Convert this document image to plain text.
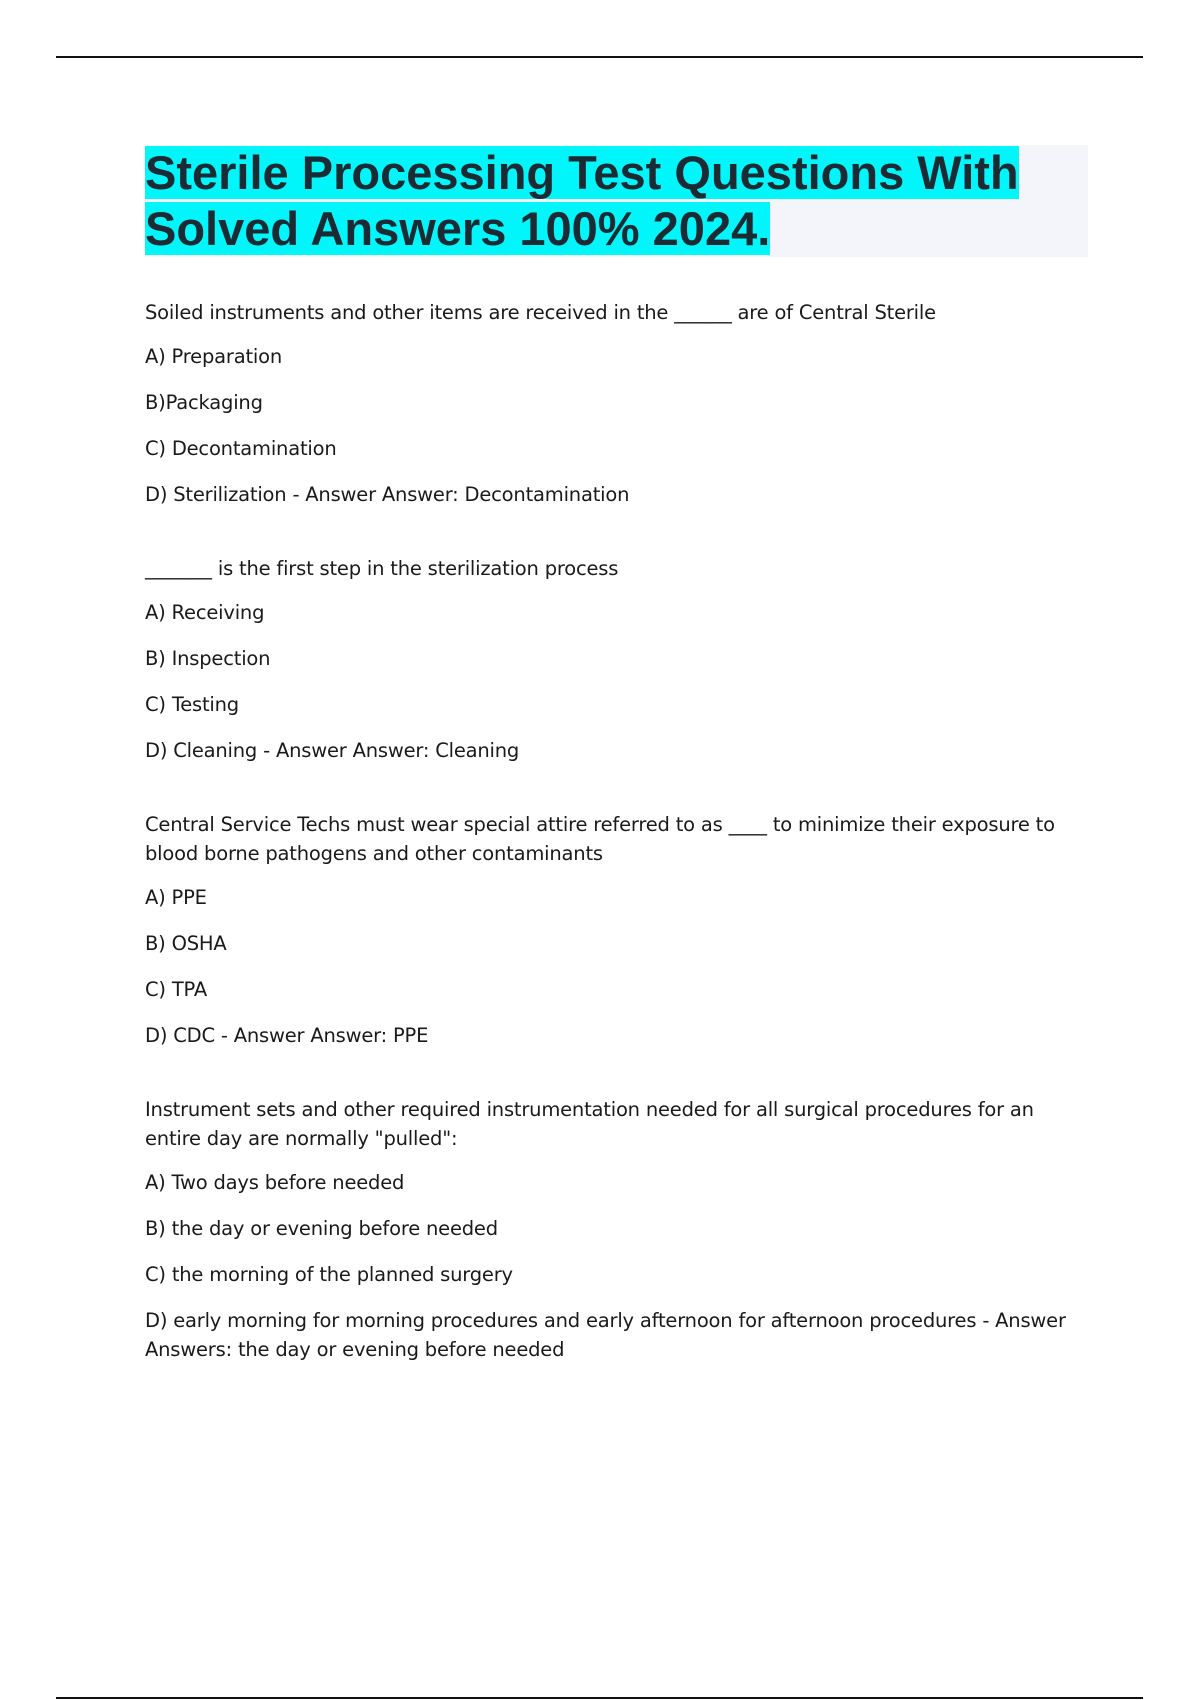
Sterile Processing Test Questions With Solved Answers 100% 2024.

Soiled instruments and other items are received in the ______ are of Central Sterile

A) Preparation

B)Packaging

C) Decontamination

D) Sterilization - Answer Answer: Decontamination

_______ is the first step in the sterilization process

A) Receiving

B) Inspection

C) Testing

D) Cleaning - Answer Answer: Cleaning

Central Service Techs must wear special attire referred to as ____ to minimize their exposure to blood borne pathogens and other contaminants

A) PPE

B) OSHA

C) TPA

D) CDC - Answer Answer: PPE

Instrument sets and other required instrumentation needed for all surgical procedures for an entire day are normally "pulled":

A) Two days before needed

B) the day or evening before needed

C) the morning of the planned surgery

D) early morning for morning procedures and early afternoon for afternoon procedures - Answer Answers: the day or evening before needed
